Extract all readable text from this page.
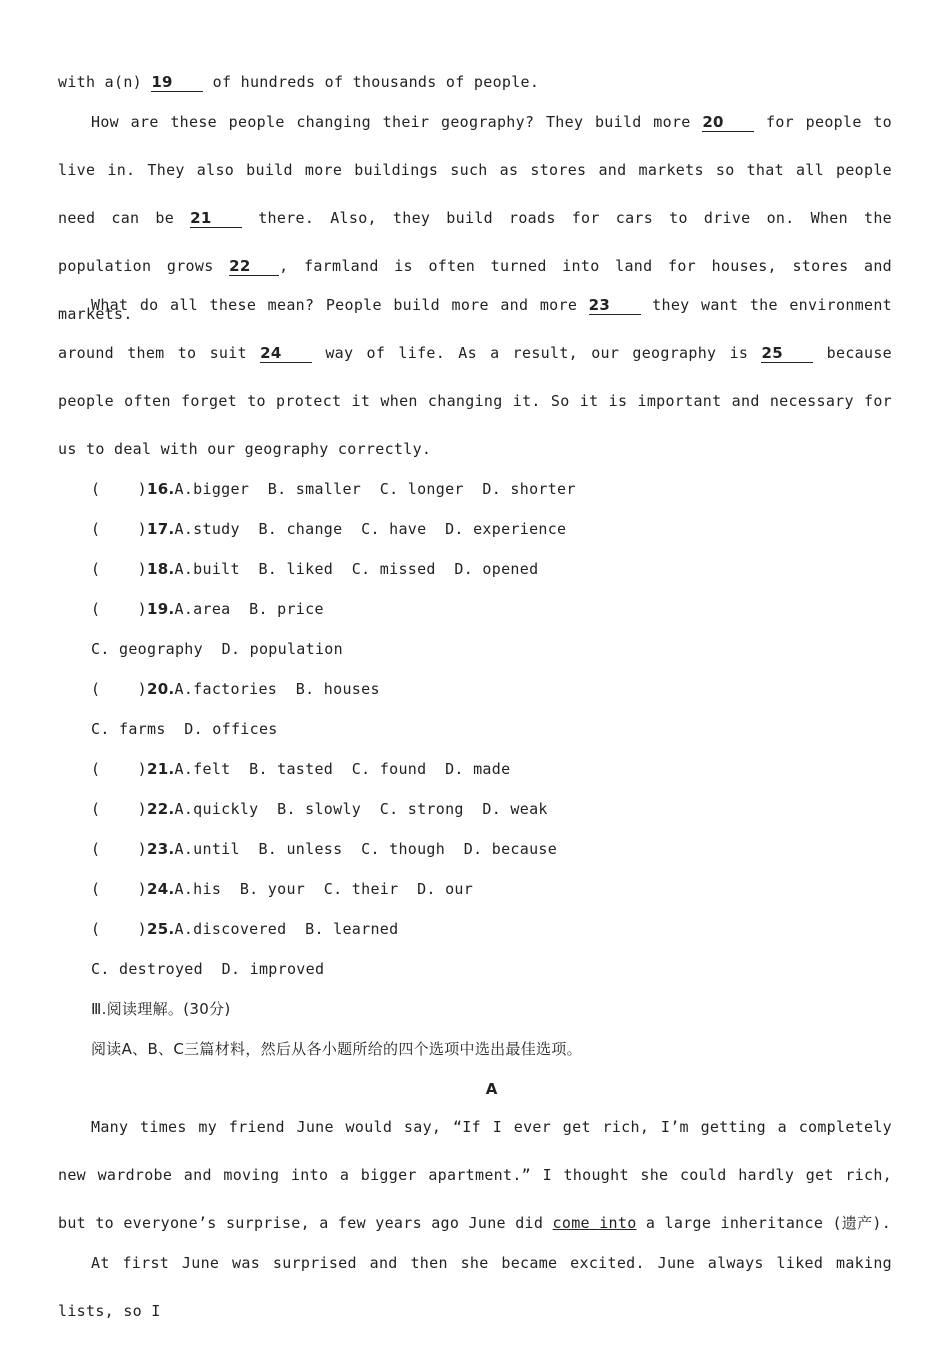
with a(n) 19 of hundreds of thousands of people.
How are these people changing their geography? They build more 20 for people to live in. They also build more buildings such as stores and markets so that all people need can be 21 there. Also, they build roads for cars to drive on. When the population grows 22 , farmland is often turned into land for houses, stores and markets.
What do all these mean? People build more and more 23 they want the environment around them to suit 24 way of life. As a result, our geography is 25 because people often forget to protect it when changing it. So it is important and necessary for us to deal with our geography correctly.
( )16.A.bigger  B. smaller  C. longer  D. shorter
( )17.A.study  B. change  C. have  D. experience
( )18.A.built  B. liked  C. missed  D. opened
( )19.A.area  B. price
C. geography  D. population
( )20.A.factories  B. houses
C. farms  D. offices
( )21.A.felt  B. tasted  C. found  D. made
( )22.A.quickly  B. slowly  C. strong  D. weak
( )23.A.until  B. unless  C. though  D. because
( )24.A.his  B. your  C. their  D. our
( )25.A.discovered  B. learned
C. destroyed  D. improved
Ⅲ.阅读理解。(30分)
阅读A、B、C三篇材料，然后从各小题所给的四个选项中选出最佳选项。
A
Many times my friend June would say, “If I ever get rich, I’m getting a completely new wardrobe and moving into a bigger apartment.” I thought she could hardly get rich, but to everyone’s surprise, a few years ago June did come into a large inheritance (遗产).
At first June was surprised and then she became excited. June always liked making lists, so I
